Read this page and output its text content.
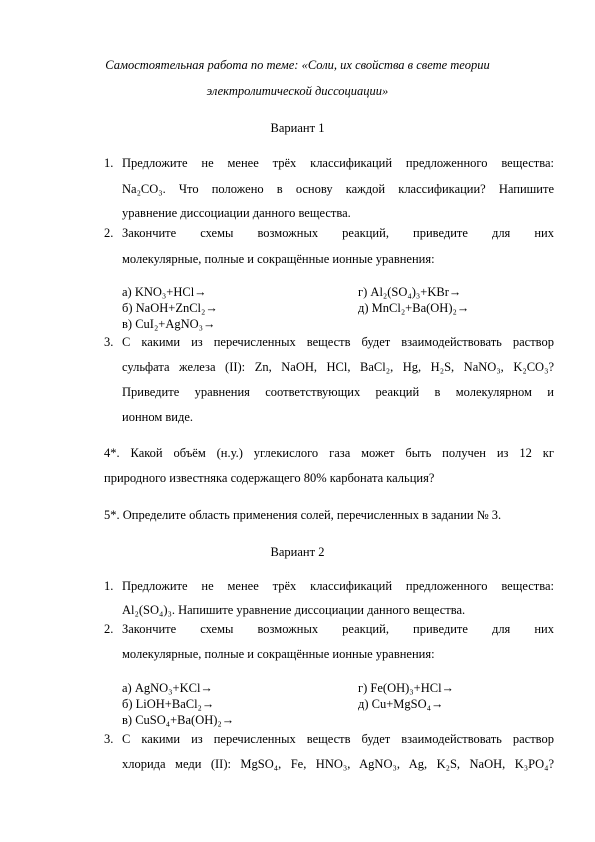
Самостоятельная работа по теме: «Соли, их свойства в свете теории
электролитической диссоциации»
Вариант 1
1. Предложите не менее трёх классификаций предложенного вещества:
Na₂CO₃. Что положено в основу каждой классификации? Напишите
уравнение диссоциации данного вещества.
2. Закончите схемы возможных реакций, приведите для них
молекулярные, полные и сокращённые ионные уравнения:
а) KNO₃+HCl→	г) Al₂(SO₄)₃+KBr→
б) NaOH+ZnCl₂→	д) MnCl₂+Ba(OH)₂→
в) CuI₂+AgNO₃→
3. С какими из перечисленных веществ будет взаимодействовать раствор
сульфата железа (II): Zn, NaOH, HCl, BaCl₂, Hg, H₂S, NaNO₃, K₂CO₃?
Приведите уравнения соответствующих реакций в молекулярном и
ионном виде.
4*. Какой объём (н.у.) углекислого газа может быть получен из 12 кг
природного известняка содержащего 80% карбоната кальция?
5*. Определите область применения солей, перечисленных в задании № 3.
Вариант 2
1. Предложите не менее трёх классификаций предложенного вещества:
Al₂(SO₄)₃. Напишите уравнение диссоциации данного вещества.
2. Закончите схемы возможных реакций, приведите для них
молекулярные, полные и сокращённые ионные уравнения:
а) AgNO₃+KCl→	г) Fe(OH)₃+HCl→
б) LiOH+BaCl₂→	д) Cu+MgSO₄→
в) CuSO₄+Ba(OH)₂→
3. С какими из перечисленных веществ будет взаимодействовать раствор
хлорида меди (II): MgSO₄, Fe, HNO₃, AgNO₃, Ag, K₂S, NaOH, K₃PO₄?
